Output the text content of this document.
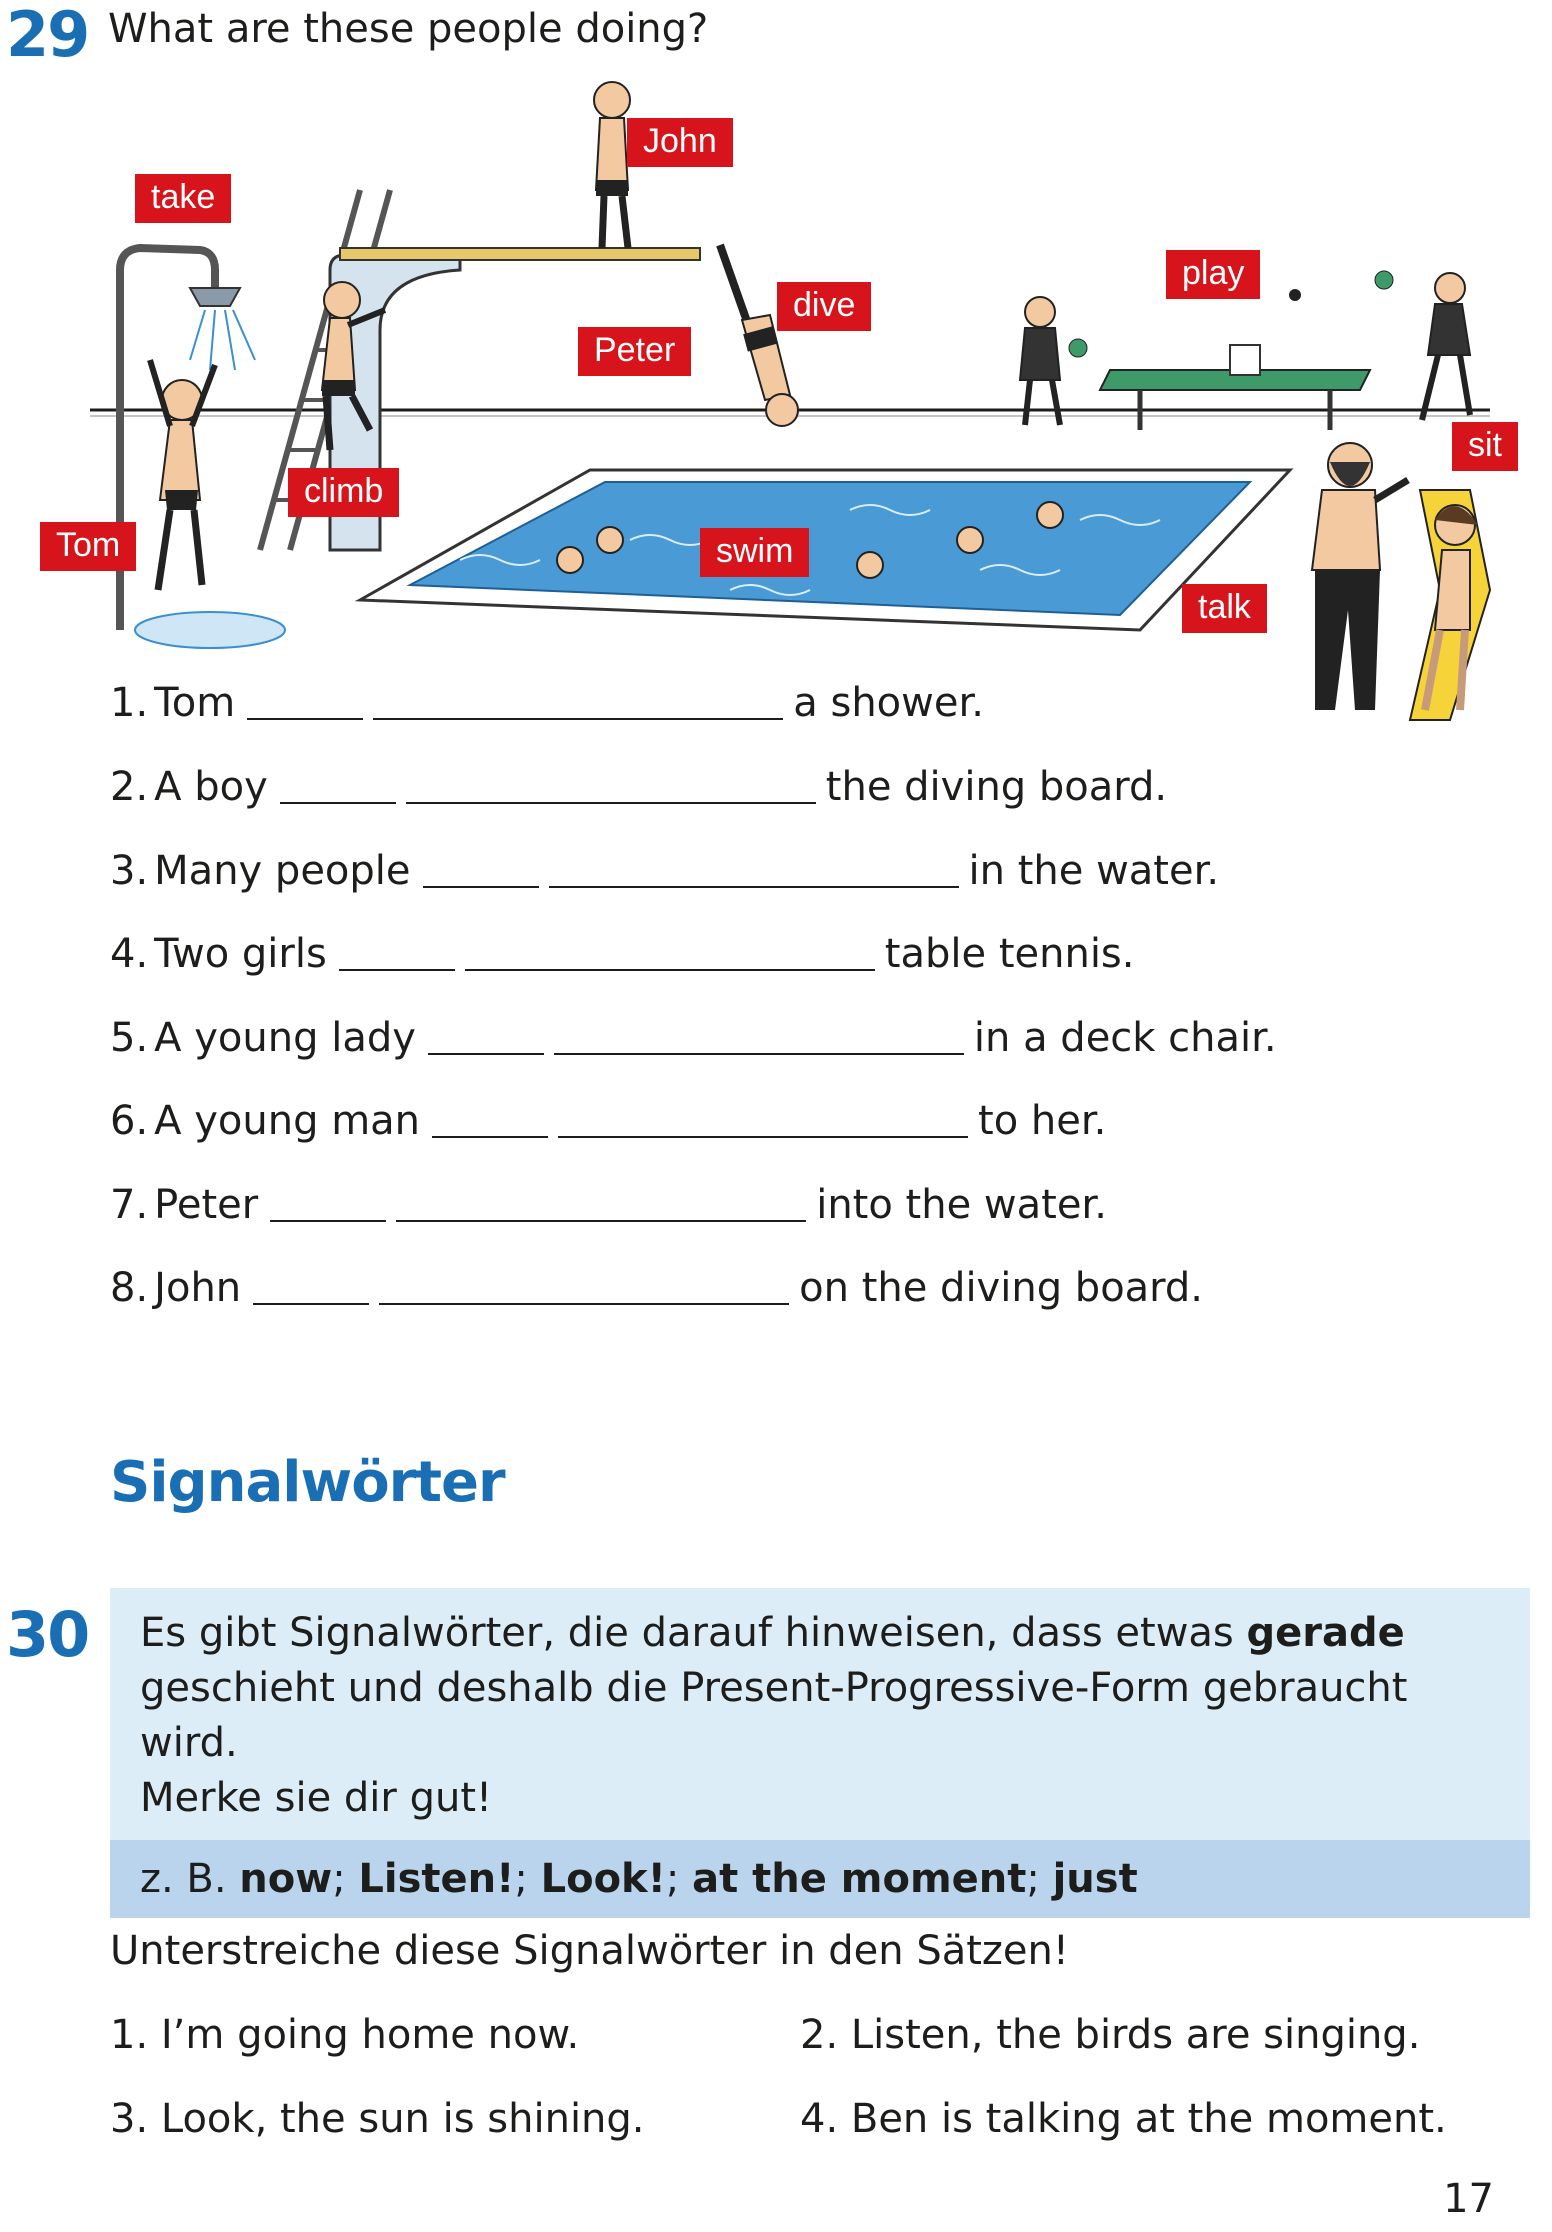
29 What are these people doing?
take
John
dive
Peter
play
climb
Tom	swim
sit
talk
1. Tom	a shower.
2. A boy	the diving board.
3. Many people	in the water.
4. Two girls	table tennis.
5. A young lady	in a deck chair.
6. A young man	to her.
7. Peter	into the water.
8. John	on the diving board.
Signalwörter
30	Es gibt Signalwörter, die darauf hinweisen, dass etwas gerade
geschieht und deshalb die Present-Progressive-Form gebraucht wird.
Merke sie dir gut!
z. B. now; Listen!; Look!; at the moment; just
Unterstreiche diese Signalwörter in den Sätzen!
1. I’m going home now.	2. Listen, the birds are singing.
3. Look, the sun is shining.	4. Ben is talking at the moment.
17
